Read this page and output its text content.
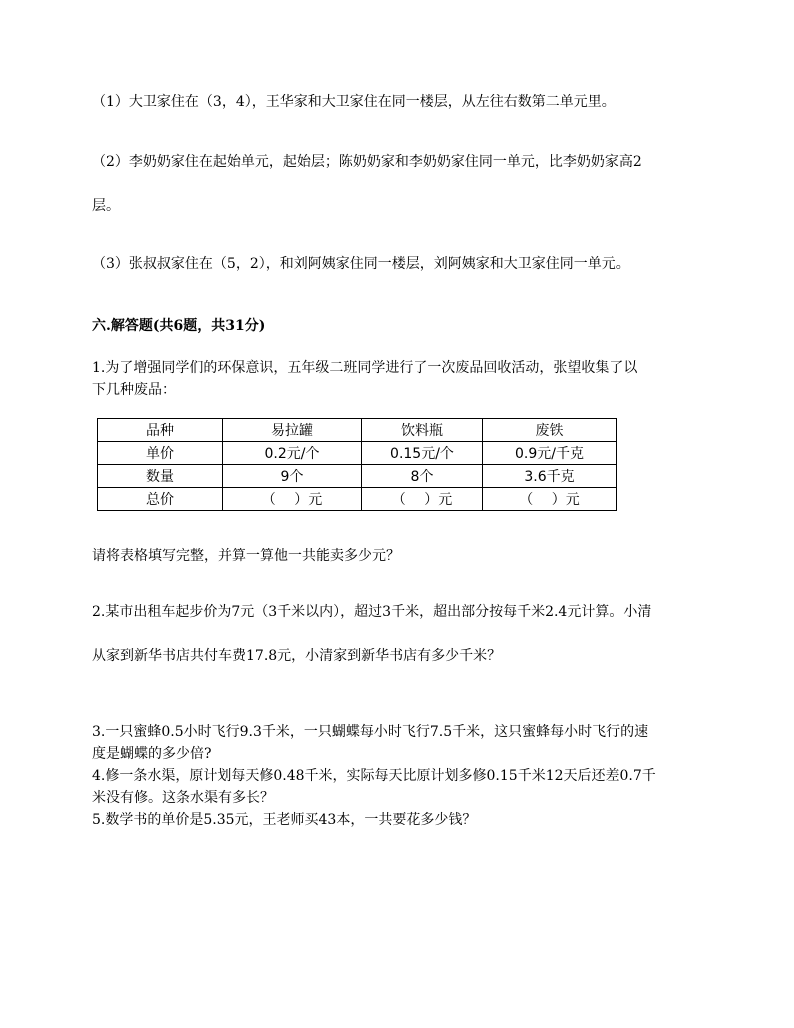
（1）大卫家住在（3，4），王华家和大卫家住在同一楼层，从左往右数第二单元里。
（2）李奶奶家住在起始单元，起始层；陈奶奶家和李奶奶家住同一单元，比李奶奶家高2
层。
（3）张叔叔家住在（5，2），和刘阿姨家住同一楼层，刘阿姨家和大卫家住同一单元。
六.解答题(共6题，共31分)
1.为了增强同学们的环保意识，五年级二班同学进行了一次废品回收活动，张望收集了以
下几种废品：
品种	易拉罐	饮料瓶	废铁
单价	0.2元/个	0.15元/个	0.9元/千克
数量	9个	8个	3.6千克
总价	（　 ）元	（　 ）元	（　 ）元
请将表格填写完整，并算一算他一共能卖多少元？
2.某市出租车起步价为7元（3千米以内），超过3千米，超出部分按每千米2.4元计算。小清
从家到新华书店共付车费17.8元，小清家到新华书店有多少千米？
3.一只蜜蜂0.5小时飞行9.3千米，一只蝴蝶每小时飞行7.5千米，这只蜜蜂每小时飞行的速
度是蝴蝶的多少倍?
4.修一条水渠，原计划每天修0.48千米，实际每天比原计划多修0.15千米12天后还差0.7千
米没有修。这条水渠有多长？
5.数学书的单价是5.35元，王老师买43本，一共要花多少钱？
